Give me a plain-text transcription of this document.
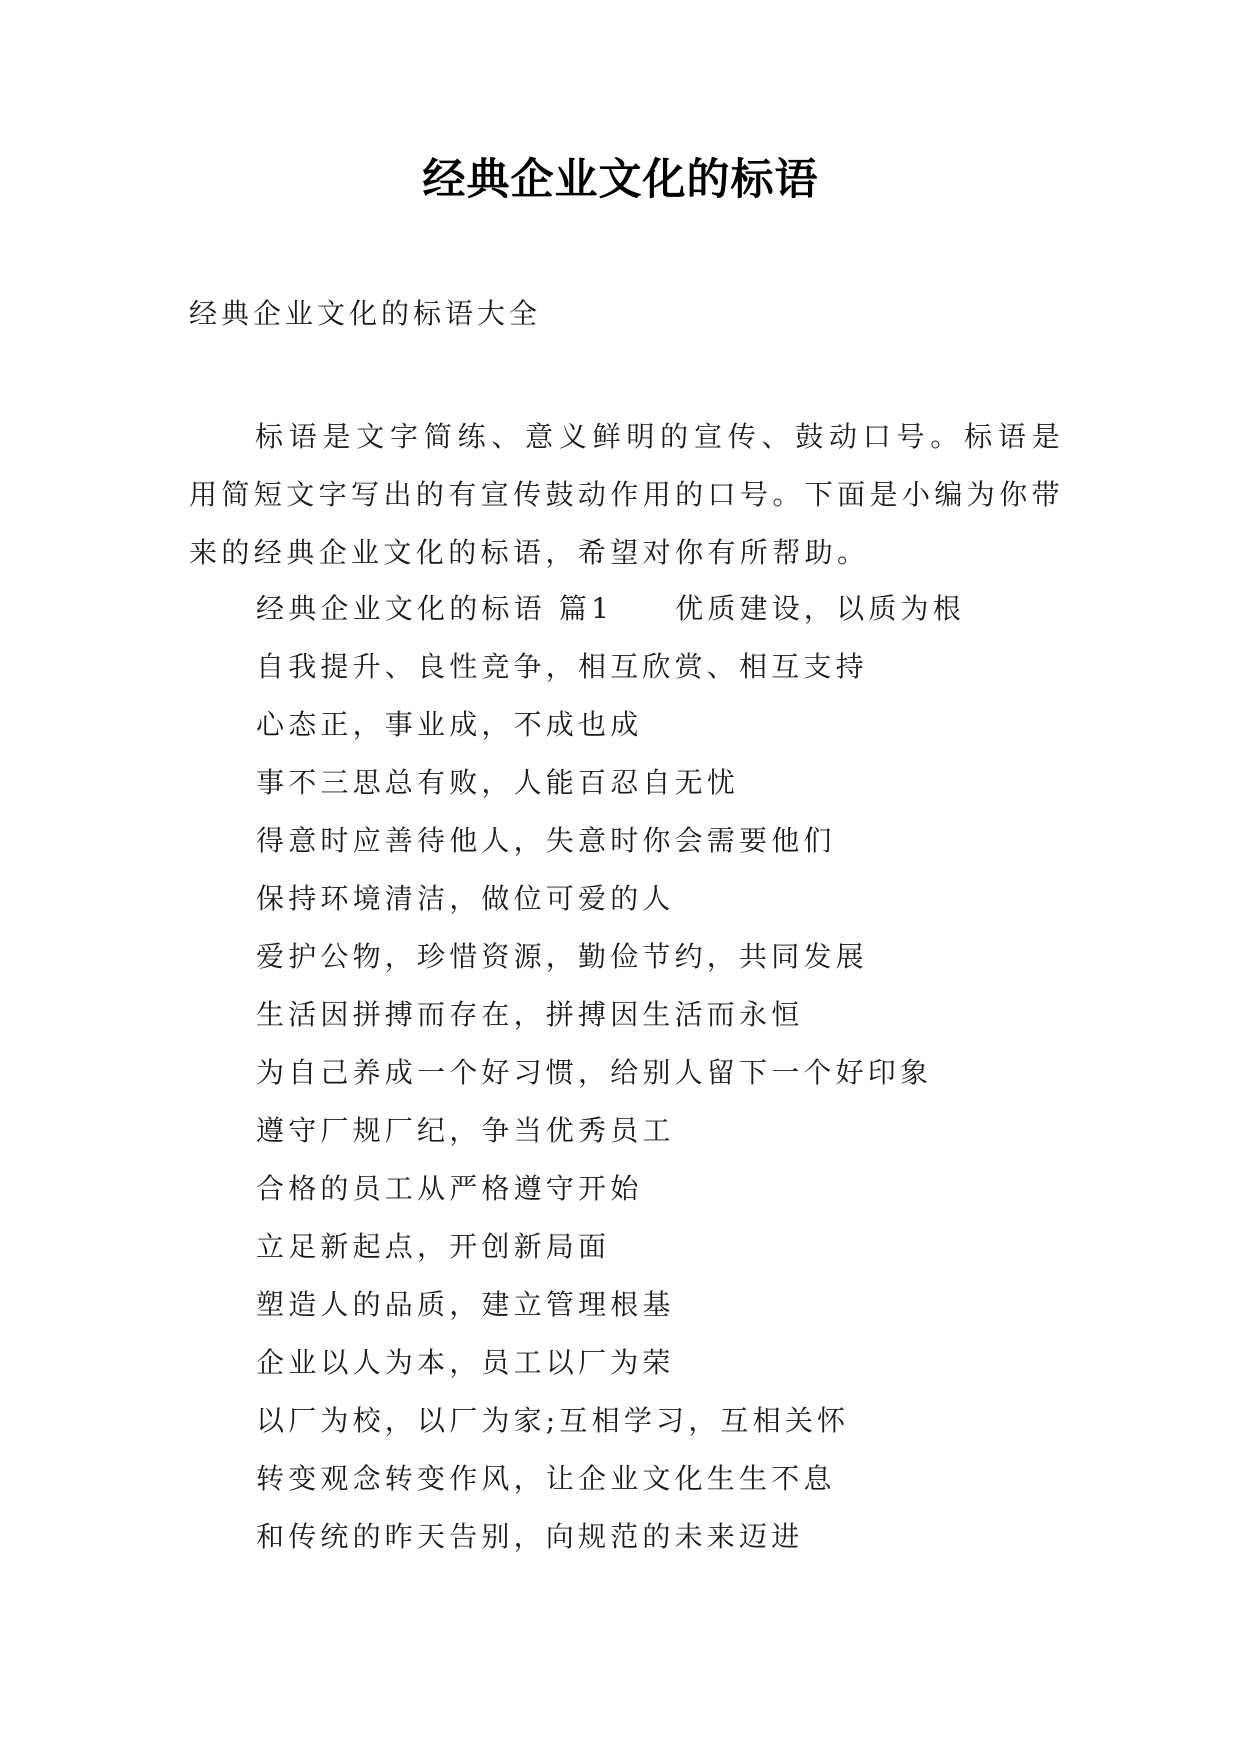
经典企业文化的标语

经典企业文化的标语大全

标语是文字简练、意义鲜明的宣传、鼓动口号。标语是用简短文字写出的有宣传鼓动作用的口号。下面是小编为你带来的经典企业文化的标语，希望对你有所帮助。

经典企业文化的标语 篇1 优质建设，以质为根
自我提升、良性竞争，相互欣赏、相互支持
心态正，事业成，不成也成
事不三思总有败，人能百忍自无忧
得意时应善待他人，失意时你会需要他们
保持环境清洁，做位可爱的人
爱护公物，珍惜资源，勤俭节约，共同发展
生活因拼搏而存在，拼搏因生活而永恒
为自己养成一个好习惯，给别人留下一个好印象
遵守厂规厂纪，争当优秀员工
合格的员工从严格遵守开始
立足新起点，开创新局面
塑造人的品质，建立管理根基
企业以人为本，员工以厂为荣
以厂为校，以厂为家;互相学习，互相关怀
转变观念转变作风，让企业文化生生不息
和传统的昨天告别，向规范的未来迈进
